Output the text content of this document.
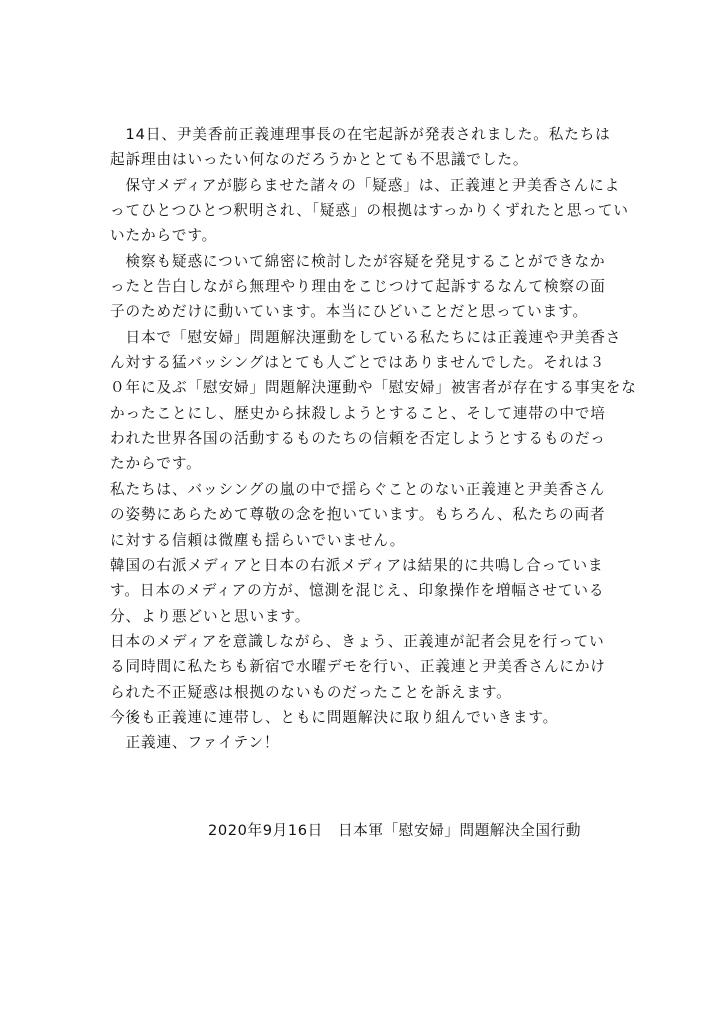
　14日、尹美香前正義連理事長の在宅起訴が発表されました。私たちは
起訴理由はいったい何なのだろうかととても不思議でした。
　保守メディアが膨らませた諸々の「疑惑」は、正義連と尹美香さんによ
ってひとつひとつ釈明され、「疑惑」の根拠はすっかりくずれたと思ってい
いたからです。
　検察も疑惑について綿密に検討したが容疑を発見することができなか
ったと告白しながら無理やり理由をこじつけて起訴するなんて検察の面
子のためだけに動いています。本当にひどいことだと思っています。
　日本で「慰安婦」問題解決運動をしている私たちには正義連や尹美香さ
ん対する猛バッシングはとても人ごとではありませんでした。それは３
０年に及ぶ「慰安婦」問題解決運動や「慰安婦」被害者が存在する事実をな
かったことにし、歴史から抹殺しようとすること、そして連帯の中で培
われた世界各国の活動するものたちの信頼を否定しようとするものだっ
たからです。
私たちは、バッシングの嵐の中で揺らぐことのない正義連と尹美香さん
の姿勢にあらためて尊敬の念を抱いています。もちろん、私たちの両者
に対する信頼は微塵も揺らいでいません。
韓国の右派メディアと日本の右派メディアは結果的に共鳴し合っていま
す。日本のメディアの方が、憶測を混じえ、印象操作を増幅させている
分、より悪どいと思います。
日本のメディアを意識しながら、きょう、正義連が記者会見を行ってい
る同時間に私たちも新宿で水曜デモを行い、正義連と尹美香さんにかけ
られた不正疑惑は根拠のないものだったことを訴えます。
今後も正義連に連帯し、ともに問題解決に取り組んでいきます。
　正義連、ファイテン！
2020年9月16日　日本軍「慰安婦」問題解決全国行動
